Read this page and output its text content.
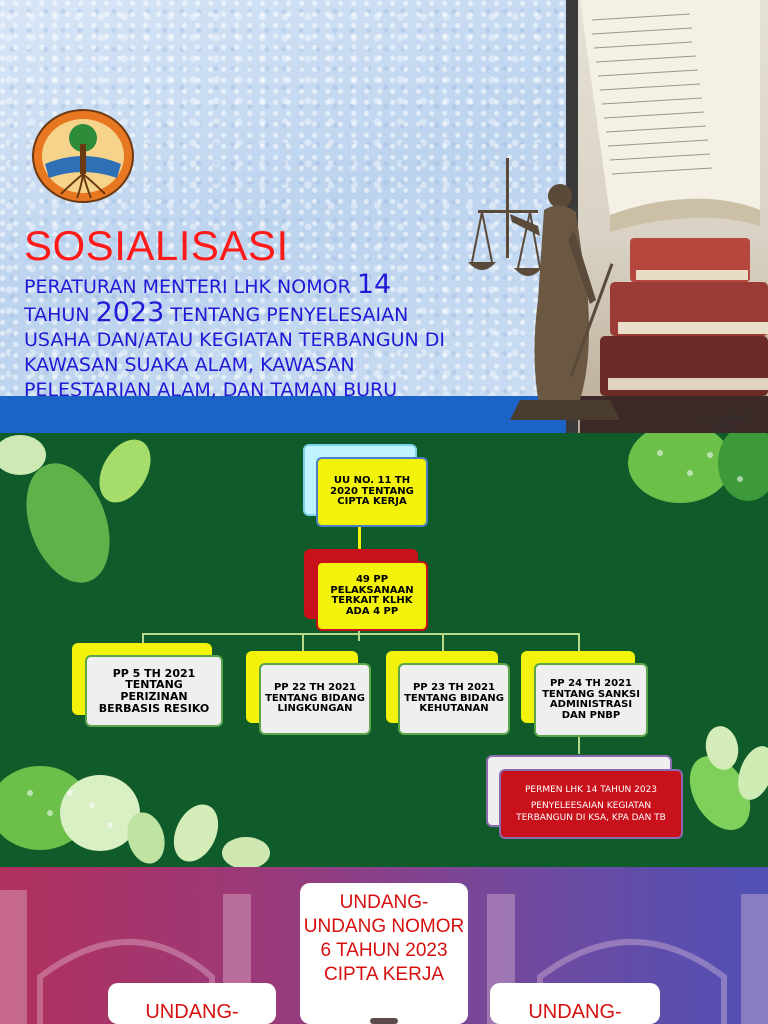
SOSIALISASI
PERATURAN MENTERI LHK NOMOR 14
TAHUN 2023 TENTANG PENYELESAIAN USAHA DAN/ATAU KEGIATAN TERBANGUN DI KAWASAN SUAKA ALAM, KAWASAN PELESTARIAN ALAM, DAN TAMAN BURU
pic: unsplash, canva
UU NO. 11 TH 2020 TENTANG CIPTA KERJA
49 PP PELAKSANAAN TERKAIT KLHK ADA 4 PP
PP 5 TH 2021 TENTANG PERIZINAN BERBASIS RESIKO
PP 22 TH 2021 TENTANG BIDANG LINGKUNGAN
PP 23 TH 2021 TENTANG BIDANG KEHUTANAN
PP 24 TH 2021 TENTANG SANKSI ADMINISTRASI DAN PNBP
PERMEN LHK 14 TAHUN 2023
PENYELEESAIAN KEGIATAN TERBANGUN DI KSA, KPA DAN TB
UNDANG-UNDANG NOMOR 6 TAHUN 2023 CIPTA KERJA
UNDANG-	UNDANG-
